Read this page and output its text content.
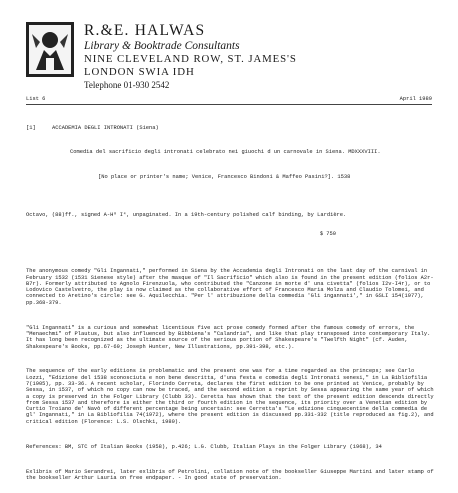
R.&E. HALWAS
Library & Booktrade Consultants
NINE CLEVELAND ROW, ST. JAMES'S
LONDON SWIA IDH
Telephone 01-930 2542
List 6	April 1989

[1]	ACCADEMIA DEGLI INTRONATI (Siena)

Comedia del sacrificio degli intronati celebrato nei giuochi d un carnovale in Siena. MDXXXVIII.

[No place or printer's name; Venice, Francesco Bindoni & Maffeo Pasini?]. 1538

Octavo, (88)ff., signed A-H⁸ I⁴, unpaginated. In a 19th-century polished calf binding, by Lardière.

$ 750

The anonymous comedy "Gli Ingannati," performed in Siena by the Accademia degli Intronati on the last day of the carnival in February 1532 (1531 Sienese style) after the masque of "Il Sacrificio" which also is found in the present edition (folios A2r-B7r). Formerly attributed to Agnolo Firenzuola, who contributed the "Canzone in morte d' una civetta" (folios I2v-I4r), or to Lodovico Castelvetro, the play is now claimed as the collaborative effort of Francesco Maria Molza and Claudio Tolomei, and connected to Aretino's circle: see G. Aquilecchia. "Per l' attribuzione della commedia 'Gli ingannati'," in GSLI 154(1977), pp.368-379.

"Gli Ingannati" is a curious and somewhat licentious five act prose comedy formed after the famous comedy of errors, the "Menaechmi" of Plautus, but also influenced by Bibbiena's "Calandria", and like that play transposed into contemporary Italy. It has long been recognized as the ultimate source of the serious portion of Shakespeare's "Twelfth Night" (cf. Auden, Shakespeare's Books, pp.67-69; Joseph Hunter, New Illustrations, pp.391-398, etc.).

The sequence of the early editions is problematic and the present one was for a time regarded as the princeps; see Carlo Lozzi, "Edizione del 1538 sconosciuta e non bene descritta, d'una festa e comedia degli Intronati senesi," in La Bibliofilia 7(1905), pp. 33-36. A recent scholar, Florindo Cerreta, declares the first edition to be one printed at Venice, probably by Sessa, in 1537, of which no copy can now be traced, and the second edition a reprint by Sessa appearing the same year of which a copy is preserved in the Folger Library (Clubb 33). Ceretta has shown that the text of the present edition descends directly from Sessa 1537 and therefore is either the third or fourth edition in the sequence, its priority over a Venetian edition by Curtio Troiano de' Navò of different percentage being uncertain: see Cerretta's "Le edizione cinquecentine della commedia de gl' Ingannati," in La Bibliofilia 74(1972), where the present edition is discussed pp.331-332 (title reproduced as fig.2), and critical edition (Florence: L.S. Olschki, 1980).

References: BM, STC of Italian Books (1958), p.426; L.G. Clubb, Italian Plays in the Folger Library (1968), 34

Exlibris of Mario Serandrei, later exlibris of Petrolini, collation note of the bookseller Giuseppe Martini and later stamp of the bookseller Arthur Lauria on free endpaper. - In good state of preservation.
